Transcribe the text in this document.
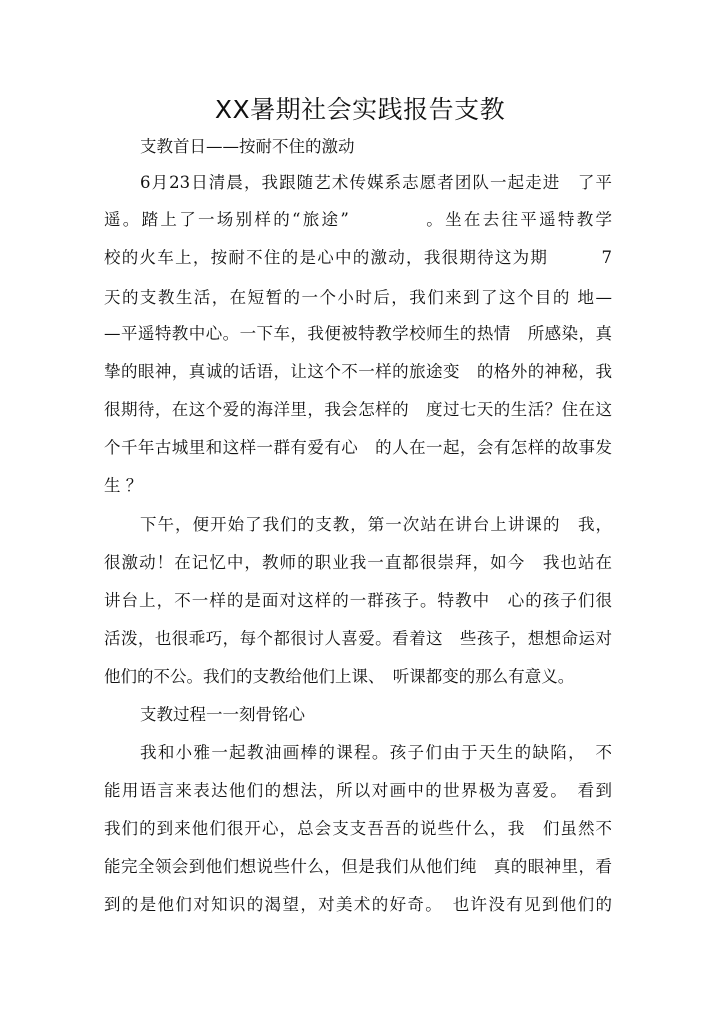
XX暑期社会实践报告支教
支教首日——按耐不住的激动
6月23日清晨，我跟随艺术传媒系志愿者团队一起走进　了平
遥。踏上了一场别样的“旅途”　　　　。坐在去往平遥特教学
校的火车上，按耐不住的是心中的激动，我很期待这为期　　　7
天的支教生活，在短暂的一个小时后，我们来到了这个目的 地—
—平遥特教中心。一下车，我便被特教学校师生的热情　所感染，真
挚的眼神，真诚的话语，让这个不一样的旅途变　的格外的神秘，我
很期待，在这个爱的海洋里，我会怎样的　度过七天的生活？住在这
个千年古城里和这样一群有爱有心　的人在一起，会有怎样的故事发
生 ？
下午，便开始了我们的支教，第一次站在讲台上讲课的　我，
很激动！在记忆中，教师的职业我一直都很崇拜，如今　我也站在
讲台上，不一样的是面对这样的一群孩子。特教中　心的孩子们很
活泼，也很乖巧，每个都很讨人喜爱。看着这　些孩子，想想命运对
他们的不公。我们的支教给他们上课、　听课都变的那么有意义。
支教过程一一刻骨铭心
我和小雅一起教油画棒的课程。孩子们由于天生的缺陷，　不
能用语言来表达他们的想法，所以对画中的世界极为喜爱。　看到
我们的到来他们很开心，总会支支吾吾的说些什么，我　们虽然不
能完全领会到他们想说些什么，但是我们从他们纯　真的眼神里，看
到的是他们对知识的渴望，对美术的好奇。　也许没有见到他们的
